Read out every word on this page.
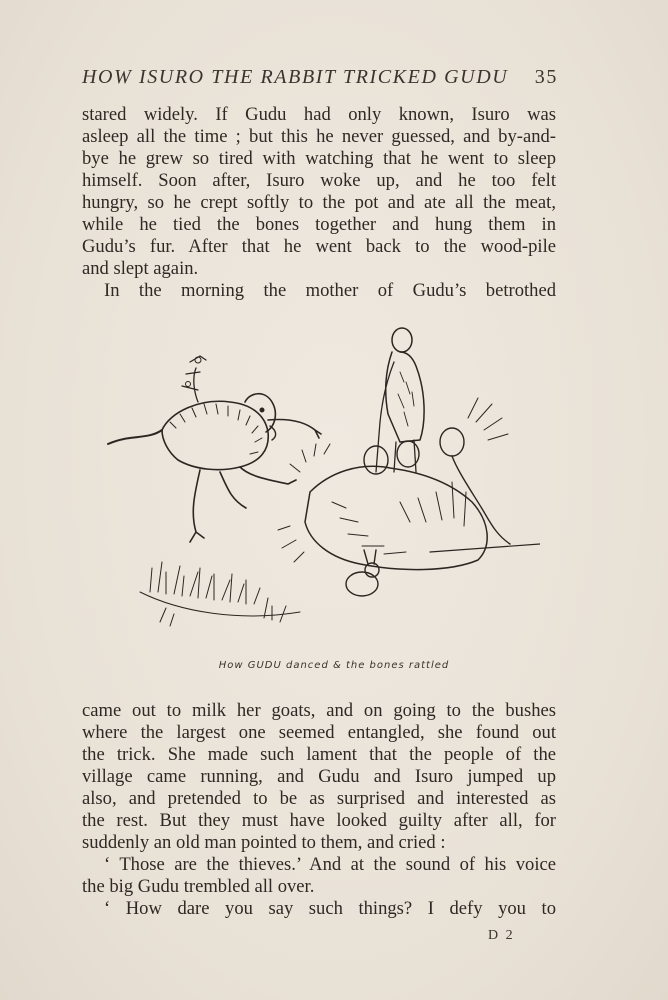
HOW ISURO THE RABBIT TRICKED GUDU 35

stared widely. If Gudu had only known, Isuro was

asleep all the time ; but this he never guessed, and by-and-

bye he grew so tired with watching that he went to sleep

himself. Soon after, Isuro woke up, and he too felt

hungry, so he crept softly to the pot and ate all the meat,

while he tied the bones together and hung them in

Gudu’s fur. After that he went back to the wood-pile

and slept again.

In the morning the mother of Gudu’s betrothed

How GUDU danced & the bones rattled

came out to milk her goats, and on going to the bushes

where the largest one seemed entangled, she found out

the trick. She made such lament that the people of the

village came running, and Gudu and Isuro jumped up

also, and pretended to be as surprised and interested as

the rest. But they must have looked guilty after all, for

suddenly an old man pointed to them, and cried :

‘ Those are the thieves.’ And at the sound of his voice

the big Gudu trembled all over.

‘ How dare you say such things? I defy you to

D 2
